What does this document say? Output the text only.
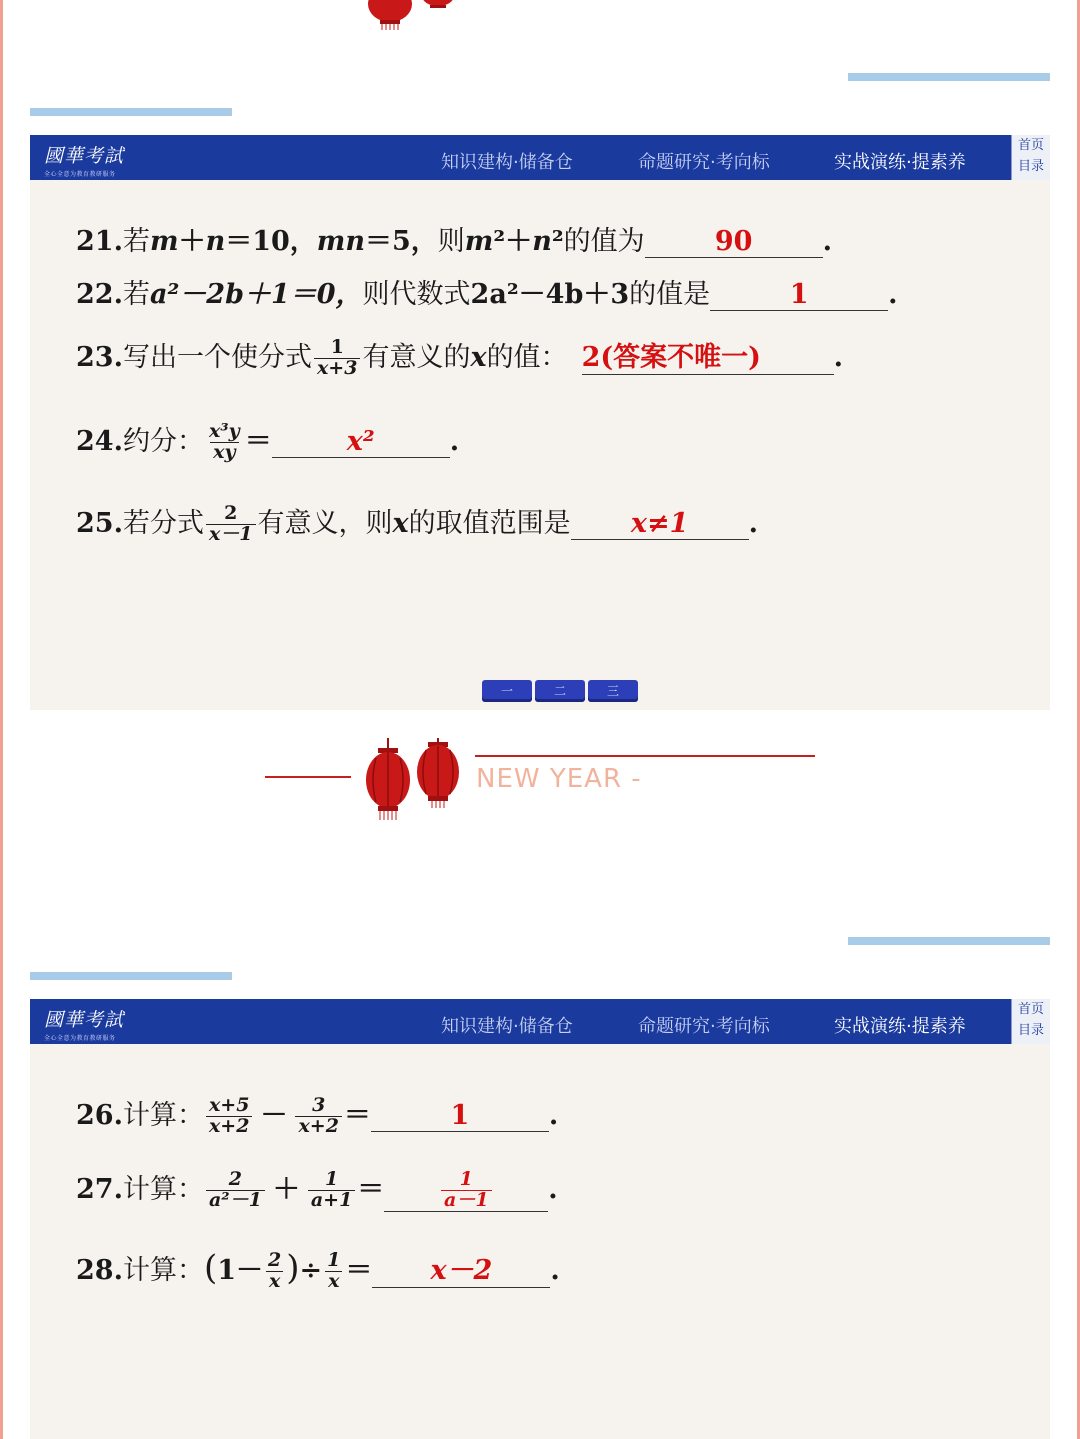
國華考試
全心全意为教育教研服务
知识建构·储备仓	命题研究·考向标	实战演练·提素养
首页
目录
21.若m＋n＝10，mn＝5，则m²＋n²的值为	90	.
22.若a²－2b＋1＝0，则代数式2a²－4b＋3的值是	1	.
23.写出一个使分式 $\frac{1}{x+3}$ 有意义的x的值： 2(答案不唯一)	.
24.约分： $\frac{\text{x³y}}{xy}$ ＝	x²	.
25.若分式 $\frac{2}{x-1}$ 有意义，则x的取值范围是 x≠1 .
一	二	三
NEW YEAR -
國華考試
全心全意为教育教研服务
知识建构·储备仓	命题研究·考向标	实战演练·提素养
首页
目录
26.计算： $\frac{x+5}{x+2} - \frac{3}{x+2}$ ＝	1	.
27.计算： $\frac{2}{\text{a²－1}} + \frac{1}{a+1}$ ＝	$\frac{1}{a-1}$ .
28.计算：($1- \frac{2}{x}$ )÷ $\frac{1}{x} = x-2$ .
